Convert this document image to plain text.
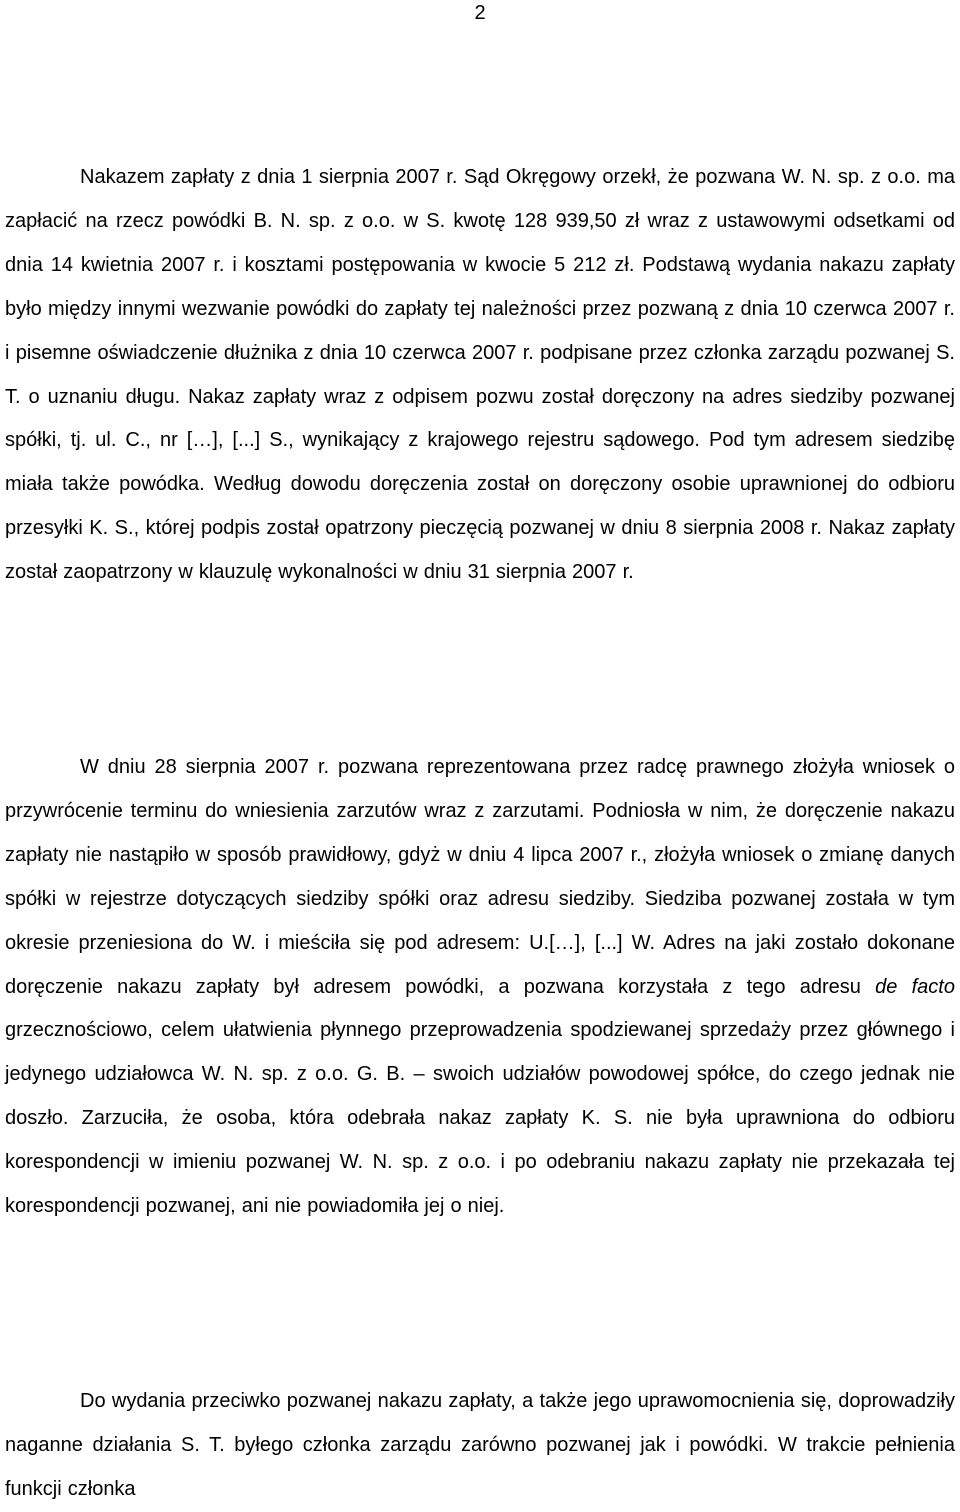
2

Nakazem zapłaty z dnia 1 sierpnia 2007 r. Sąd Okręgowy orzekł, że pozwana W. N. sp. z o.o. ma zapłacić na rzecz powódki B. N. sp. z o.o. w S. kwotę 128 939,50 zł wraz z ustawowymi odsetkami od dnia 14 kwietnia 2007 r. i kosztami postępowania w kwocie 5 212 zł. Podstawą wydania nakazu zapłaty było między innymi wezwanie powódki do zapłaty tej należności przez pozwaną z dnia 10 czerwca 2007 r. i pisemne oświadczenie dłużnika z dnia 10 czerwca 2007 r. podpisane przez członka zarządu pozwanej S. T. o uznaniu długu. Nakaz zapłaty wraz z odpisem pozwu został doręczony na adres siedziby pozwanej spółki, tj. ul. C., nr […], [...] S., wynikający z krajowego rejestru sądowego. Pod tym adresem siedzibę miała także powódka. Według dowodu doręczenia został on doręczony osobie uprawnionej do odbioru przesyłki K. S., której podpis został opatrzony pieczęcią pozwanej w dniu 8 sierpnia 2008 r. Nakaz zapłaty został zaopatrzony w klauzulę wykonalności w dniu 31 sierpnia 2007 r.

W dniu 28 sierpnia 2007 r. pozwana reprezentowana przez radcę prawnego złożyła wniosek o przywrócenie terminu do wniesienia zarzutów wraz z zarzutami. Podniosła w nim, że doręczenie nakazu zapłaty nie nastąpiło w sposób prawidłowy, gdyż w dniu 4 lipca 2007 r., złożyła wniosek o zmianę danych spółki w rejestrze dotyczących siedziby spółki oraz adresu siedziby. Siedziba pozwanej została w tym okresie przeniesiona do W. i mieściła się pod adresem: U.[…], [...] W. Adres na jaki zostało dokonane doręczenie nakazu zapłaty był adresem powódki, a pozwana korzystała z tego adresu de facto grzecznościowo, celem ułatwienia płynnego przeprowadzenia spodziewanej sprzedaży przez głównego i jedynego udziałowca W. N. sp. z o.o. G. B. – swoich udziałów powodowej spółce, do czego jednak nie doszło. Zarzuciła, że osoba, która odebrała nakaz zapłaty K. S. nie była uprawniona do odbioru korespondencji w imieniu pozwanej W. N. sp. z o.o. i po odebraniu nakazu zapłaty nie przekazała tej korespondencji pozwanej, ani nie powiadomiła jej o niej.

Do wydania przeciwko pozwanej nakazu zapłaty, a także jego uprawomocnienia się, doprowadziły naganne działania S. T. byłego członka zarządu zarówno pozwanej jak i powódki. W trakcie pełnienia funkcji członka
